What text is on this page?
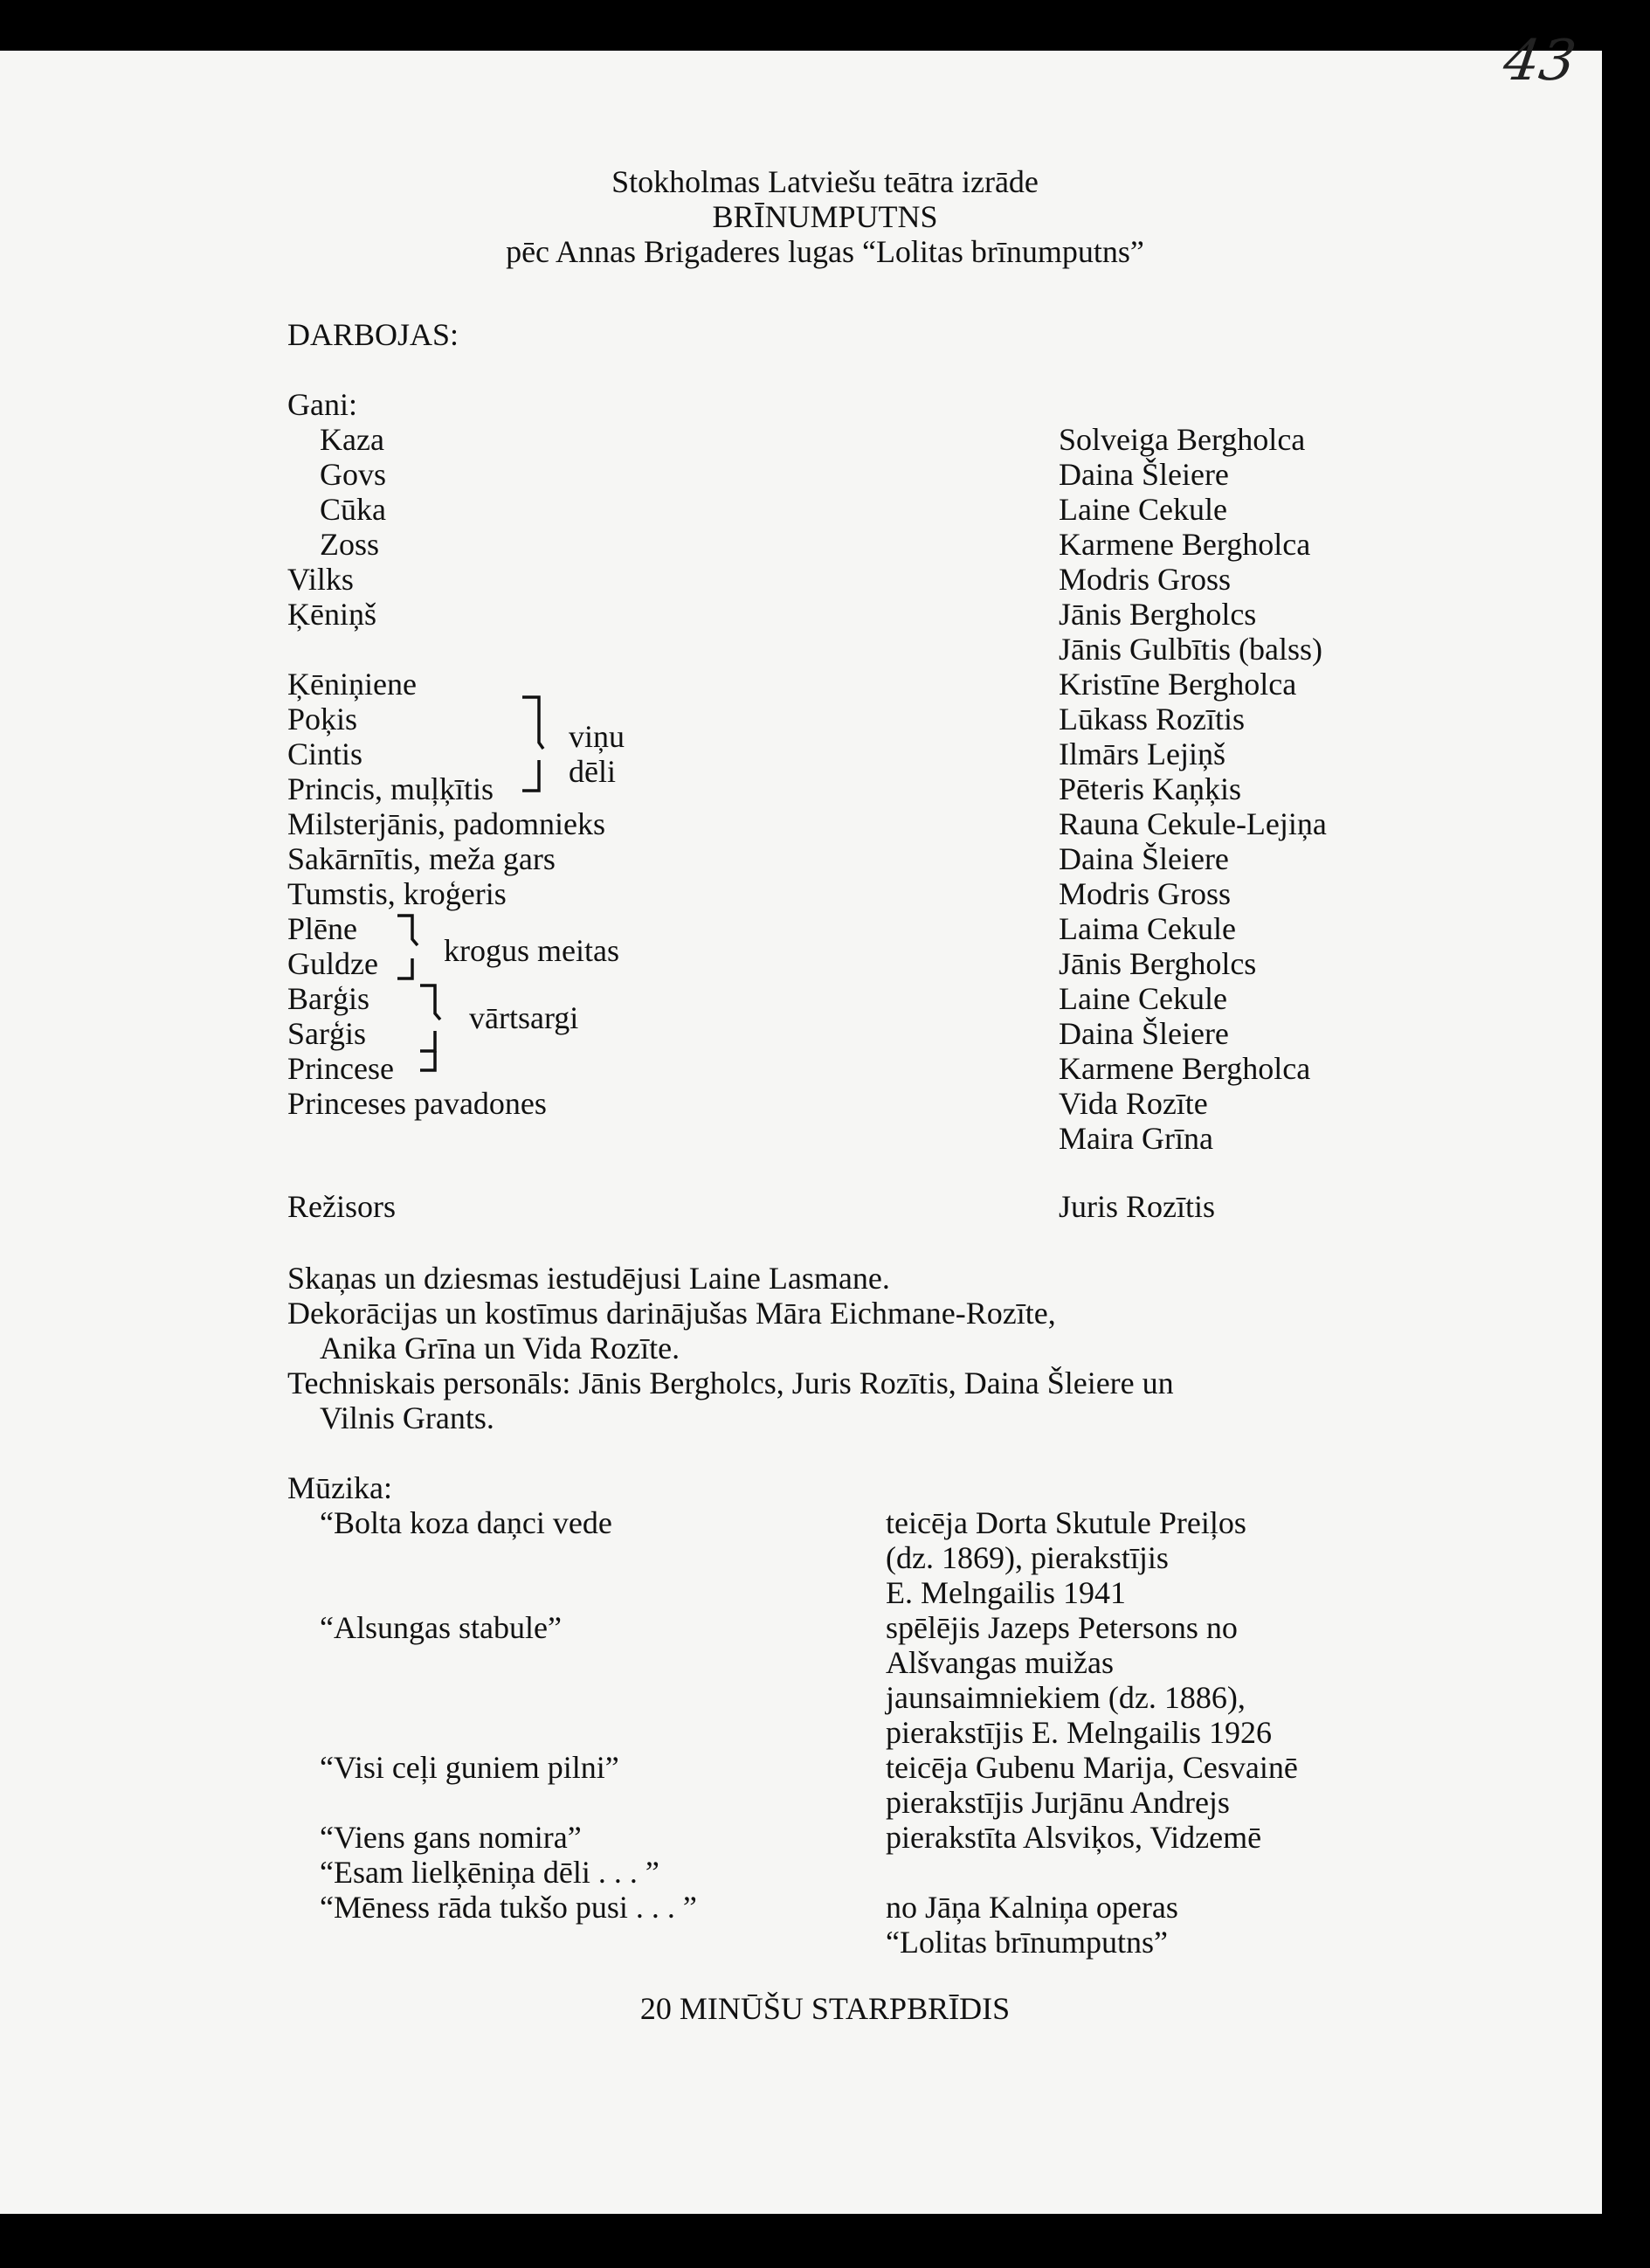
43
Stokholmas Latviešu teātra izrāde
BRĪNUMPUTNS
pēc Annas Brigaderes lugas “Lolitas brīnumputns”
DARBOJAS:
Gani:
Kaza
Govs
Cūka
Zoss
Vilks
Ķēniņš
Ķēniņiene
Poķis
Cintis
Princis, muļķītis
Milsterjānis, padomnieks
Sakārnītis, meža gars
Tumstis, kroģeris
Plēne
Guldze
Barģis
Sarģis
Princese
Princeses pavadones
viņu
dēli
krogus meitas
vārtsargi
Solveiga Bergholca
Daina Šleiere
Laine Cekule
Karmene Bergholca
Modris Gross
Jānis Bergholcs
Jānis Gulbītis (balss)
Kristīne Bergholca
Lūkass Rozītis
Ilmārs Lejiņš
Pēteris Kaņķis
Rauna Cekule-Lejiņa
Daina Šleiere
Modris Gross
Laima Cekule
Jānis Bergholcs
Laine Cekule
Daina Šleiere
Karmene Bergholca
Vida Rozīte
Maira Grīna
Režisors	Juris Rozītis
Skaņas un dziesmas iestudējusi Laine Lasmane.
Dekorācijas un kostīmus darinājušas Māra Eichmane-Rozīte,
Anika Grīna un Vida Rozīte.
Techniskais personāls: Jānis Bergholcs, Juris Rozītis, Daina Šleiere un
Vilnis Grants.
Mūzika:
“Bolta koza daņci vede
“Alsungas stabule”
“Visi ceļi guniem pilni”
“Viens gans nomira”
“Esam lielķēniņa dēli . . . ”
“Mēness rāda tukšo pusi . . . ”
teicēja Dorta Skutule Preiļos
(dz. 1869), pierakstījis
E. Melngailis 1941
spēlējis Jazeps Petersons no
Alšvangas muižas
jaunsaimniekiem (dz. 1886),
pierakstījis E. Melngailis 1926
teicēja Gubenu Marija, Cesvainē
pierakstījis Jurjānu Andrejs
pierakstīta Alsviķos, Vidzemē
no Jāņa Kalniņa operas
“Lolitas brīnumputns”
20 MINŪŠU STARPBRĪDIS
